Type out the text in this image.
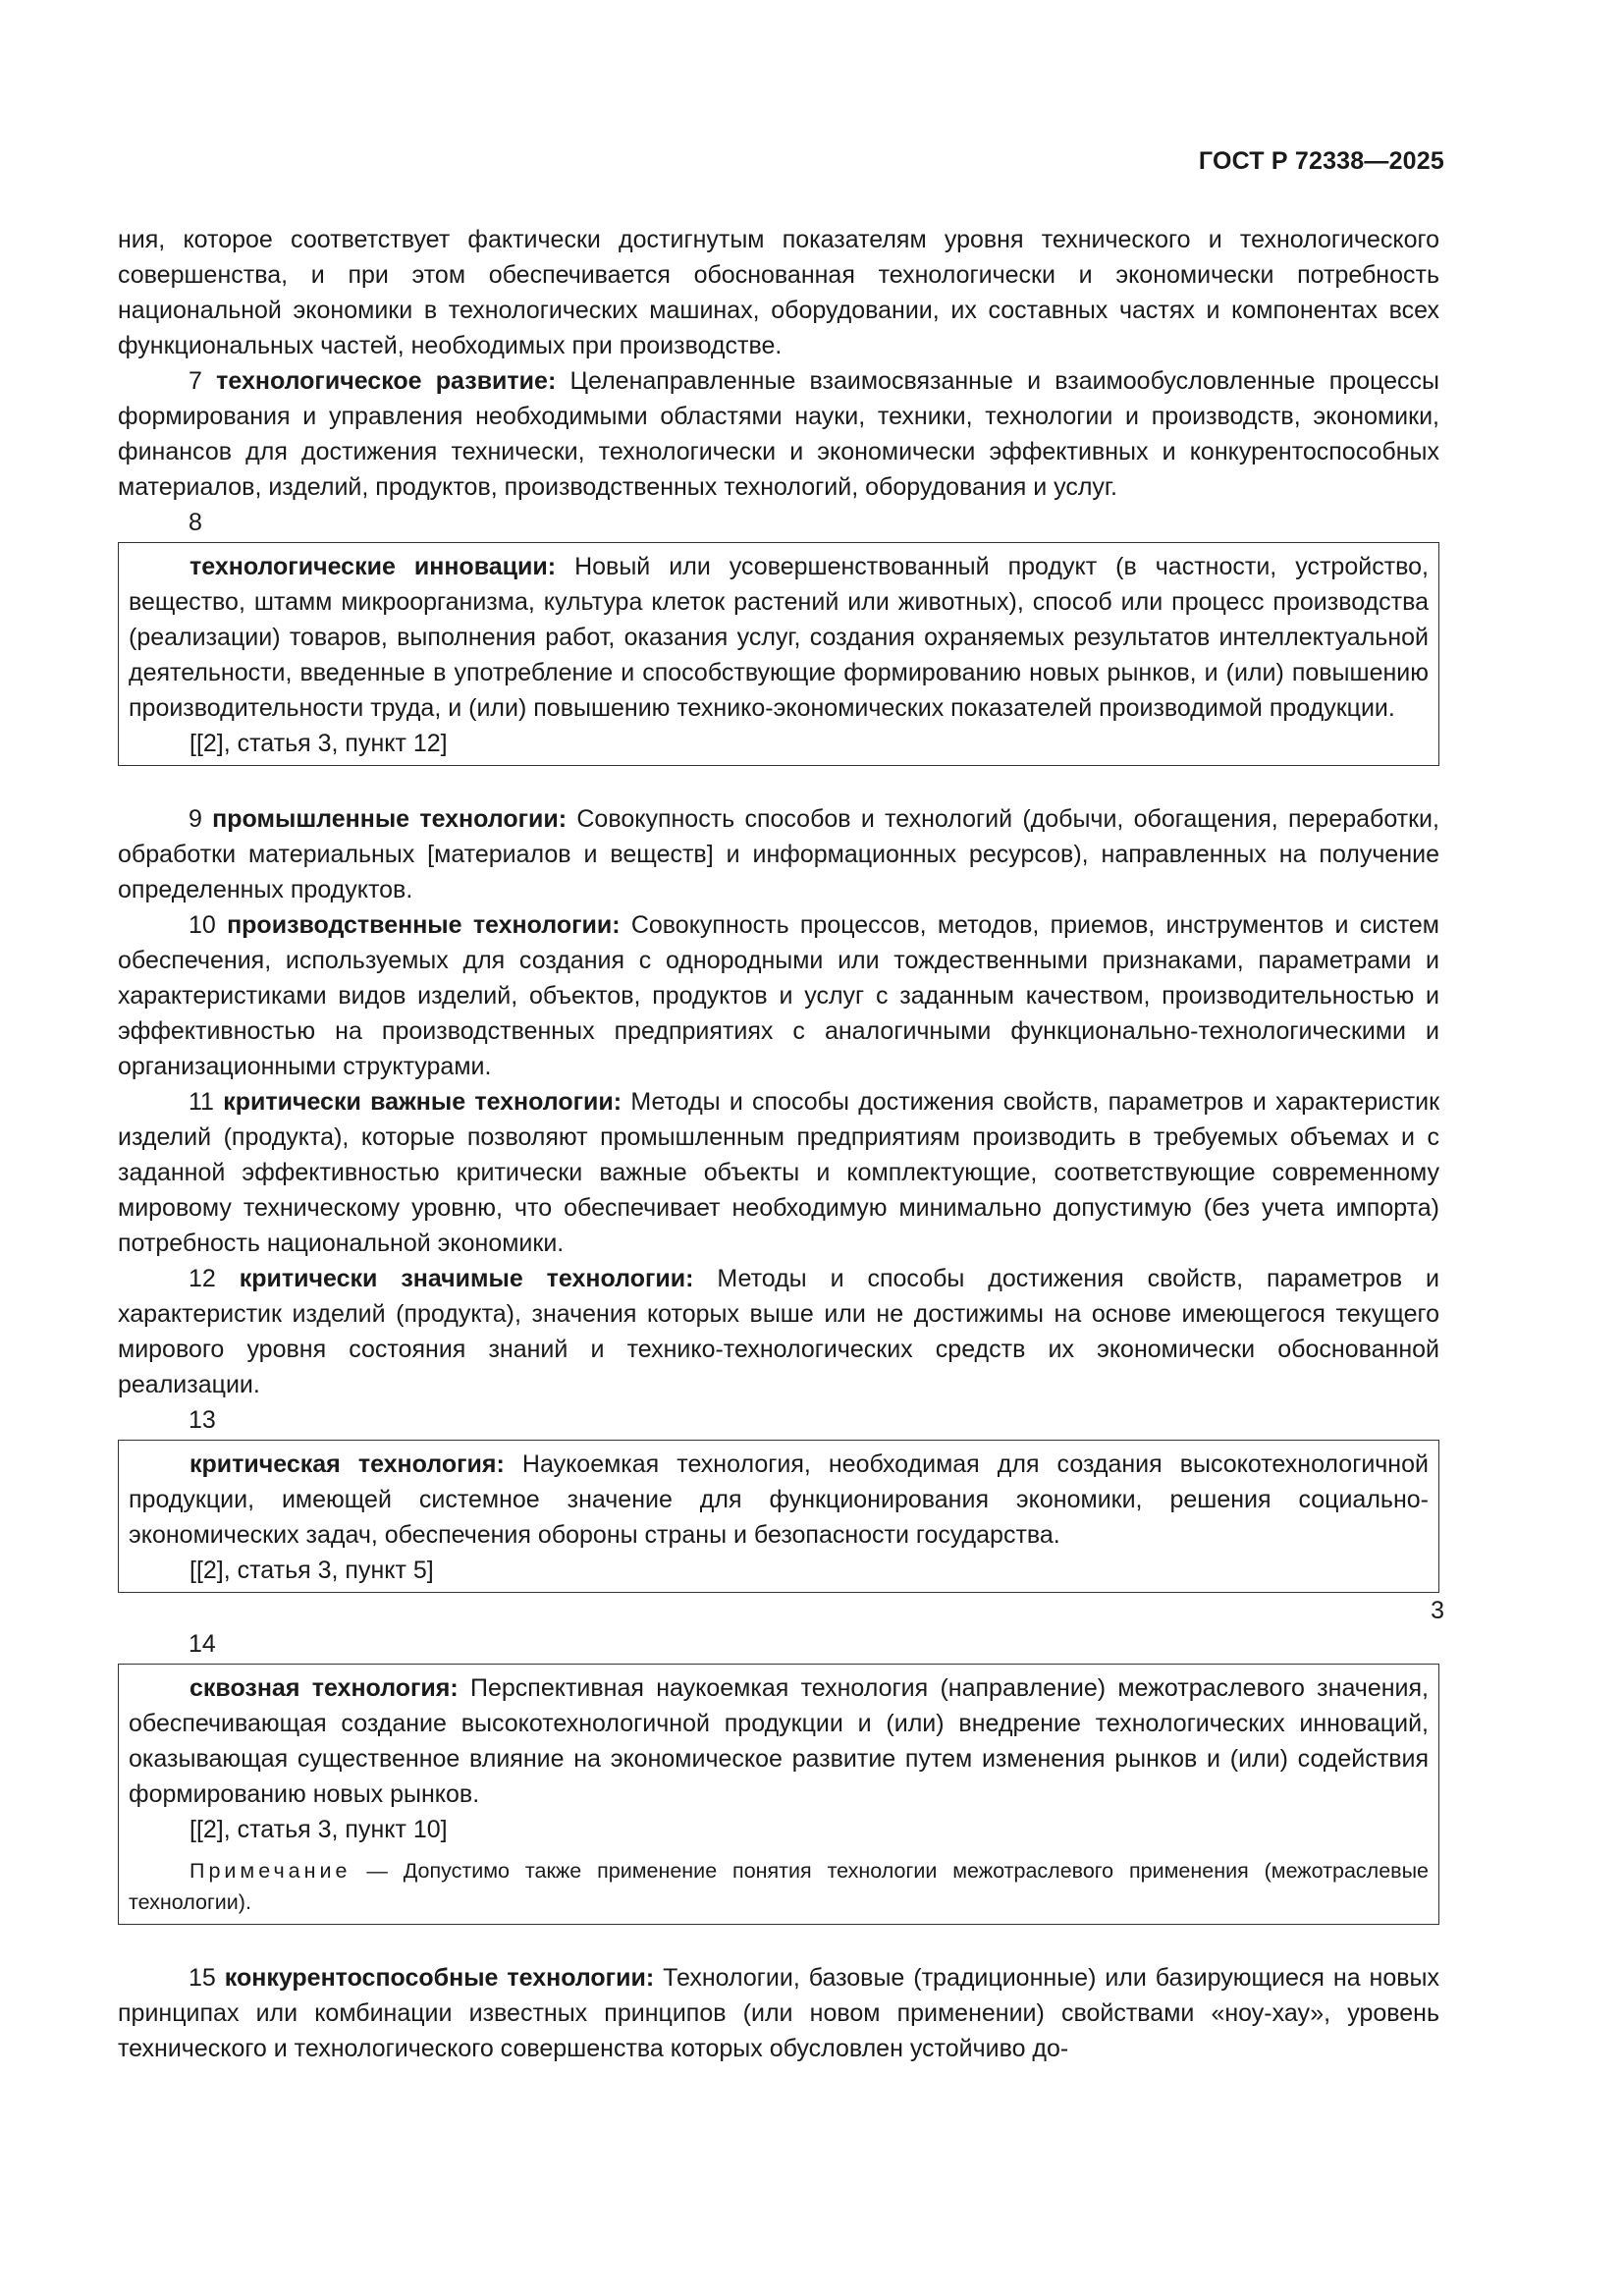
ГОСТ Р 72338—2025

ния, которое соответствует фактически достигнутым показателям уровня технического и технологического совершенства, и при этом обеспечивается обоснованная технологически и экономически потребность национальной экономики в технологических машинах, оборудовании, их составных частях и компонентах всех функциональных частей, необходимых при производстве.

7 технологическое развитие: Целенаправленные взаимосвязанные и взаимообусловленные процессы формирования и управления необходимыми областями науки, техники, технологии и производств, экономики, финансов для достижения технически, технологически и экономически эффективных и конкурентоспособных материалов, изделий, продуктов, производственных технологий, оборудования и услуг.

8

технологические инновации: Новый или усовершенствованный продукт (в частности, устройство, вещество, штамм микроорганизма, культура клеток растений или животных), способ или процесс производства (реализации) товаров, выполнения работ, оказания услуг, создания охраняемых результатов интеллектуальной деятельности, введенные в употребление и способствующие формированию новых рынков, и (или) повышению производительности труда, и (или) повышению технико-экономических показателей производимой продукции.

[[2], статья 3, пункт 12]

9 промышленные технологии: Совокупность способов и технологий (добычи, обогащения, переработки, обработки материальных [материалов и веществ] и информационных ресурсов), направленных на получение определенных продуктов.

10 производственные технологии: Совокупность процессов, методов, приемов, инструментов и систем обеспечения, используемых для создания с однородными или тождественными признаками, параметрами и характеристиками видов изделий, объектов, продуктов и услуг с заданным качеством, производительностью и эффективностью на производственных предприятиях с аналогичными функционально-технологическими и организационными структурами.

11 критически важные технологии: Методы и способы достижения свойств, параметров и характеристик изделий (продукта), которые позволяют промышленным предприятиям производить в требуемых объемах и с заданной эффективностью критически важные объекты и комплектующие, соответствующие современному мировому техническому уровню, что обеспечивает необходимую минимально допустимую (без учета импорта) потребность национальной экономики.

12 критически значимые технологии: Методы и способы достижения свойств, параметров и характеристик изделий (продукта), значения которых выше или не достижимы на основе имеющегося текущего мирового уровня состояния знаний и технико-технологических средств их экономически обоснованной реализации.

13

критическая технология: Наукоемкая технология, необходимая для создания высокотехнологичной продукции, имеющей системное значение для функционирования экономики, решения социально-экономических задач, обеспечения обороны страны и безопасности государства.

[[2], статья 3, пункт 5]

14

сквозная технология: Перспективная наукоемкая технология (направление) межотраслевого значения, обеспечивающая создание высокотехнологичной продукции и (или) внедрение технологических инноваций, оказывающая существенное влияние на экономическое развитие путем изменения рынков и (или) содействия формированию новых рынков.

[[2], статья 3, пункт 10]

Примечание — Допустимо также применение понятия технологии межотраслевого применения (межотраслевые технологии).

15 конкурентоспособные технологии: Технологии, базовые (традиционные) или базирующиеся на новых принципах или комбинации известных принципов (или новом применении) свойствами «ноу-хау», уровень технического и технологического совершенства которых обусловлен устойчиво до-

3
